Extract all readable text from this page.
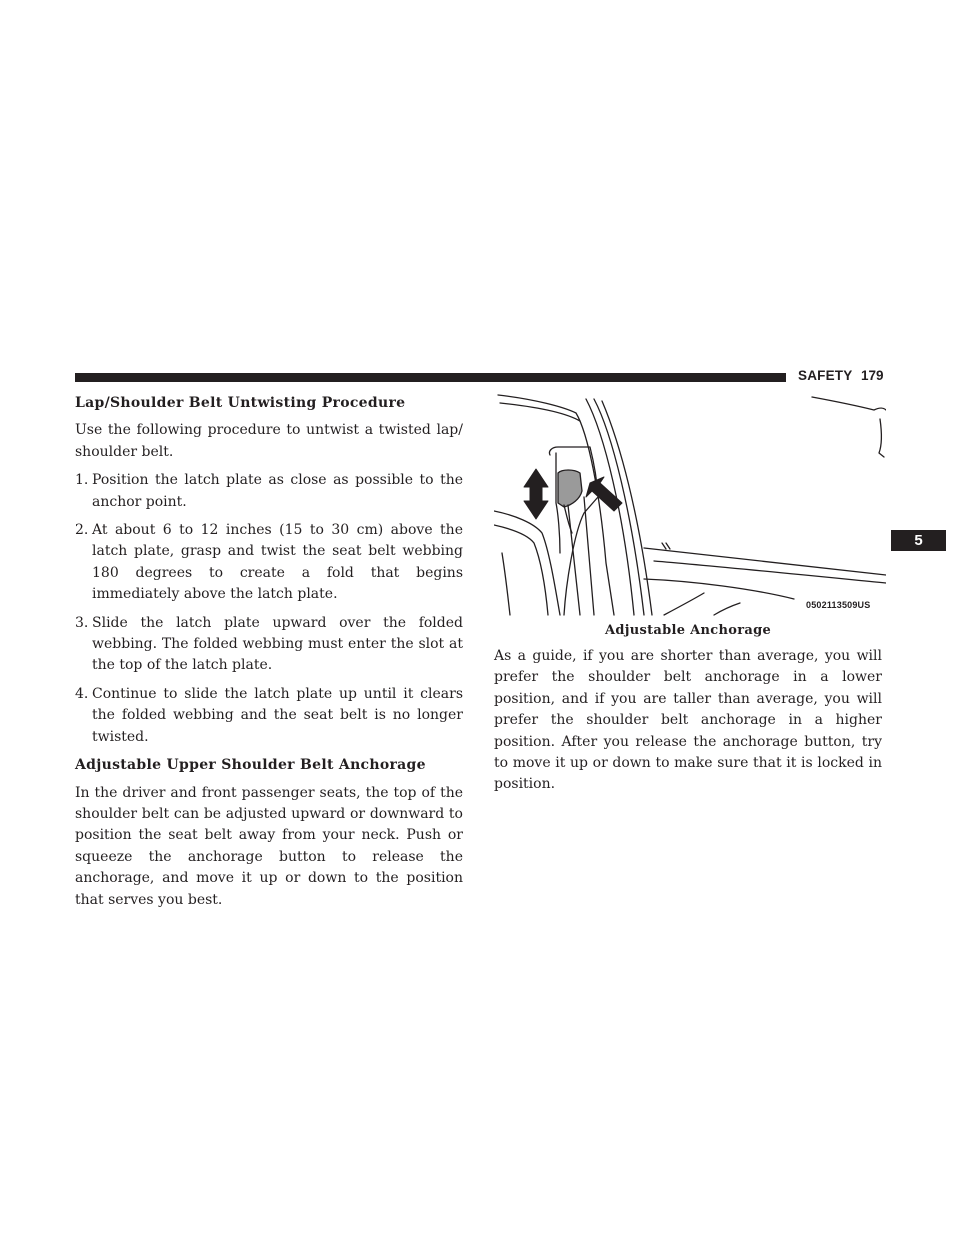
SAFETY 179
5
Lap/Shoulder Belt Untwisting Procedure

Use the following procedure to untwist a twisted lap/ shoulder belt.

1. Position the latch plate as close as possible to the anchor point.
2. At about 6 to 12 inches (15 to 30 cm) above the latch plate, grasp and twist the seat belt webbing 180 degrees to create a fold that begins immediately above the latch plate.
3. Slide the latch plate upward over the folded webbing. The folded webbing must enter the slot at the top of the latch plate.
4. Continue to slide the latch plate up until it clears the folded webbing and the seat belt is no longer twisted.
Adjustable Upper Shoulder Belt Anchorage

In the driver and front passenger seats, the top of the shoulder belt can be adjusted upward or downward to position the seat belt away from your neck. Push or squeeze the anchorage button to release the anchorage, and move it up or down to the position that serves you best.

0502113509US
Adjustable Anchorage

As a guide, if you are shorter than average, you will prefer the shoulder belt anchorage in a lower position, and if you are taller than average, you will prefer the shoulder belt anchorage in a higher position. After you release the anchorage button, try to move it up or down to make sure that it is locked in position.
